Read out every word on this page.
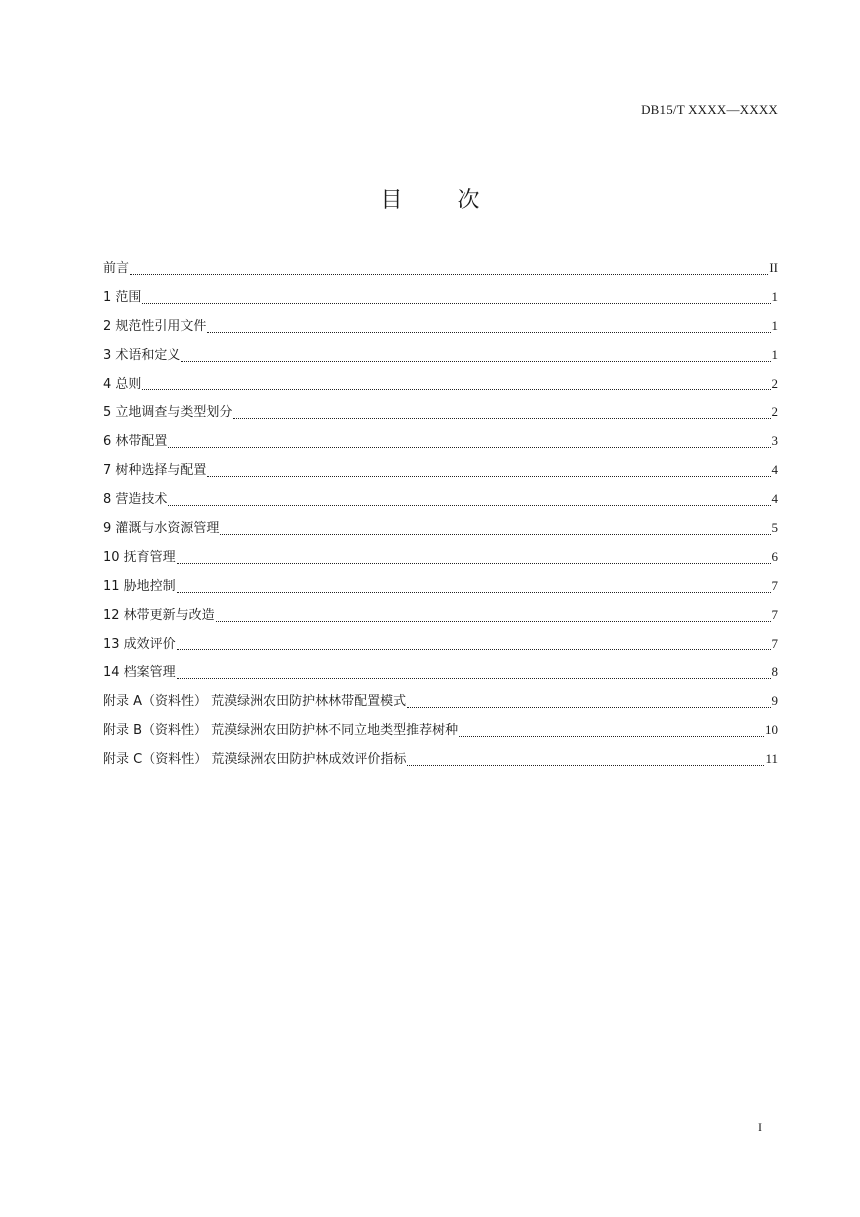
DB15/T XXXX—XXXX
目 次
前言	II
1 范围	1
2 规范性引用文件	1
3 术语和定义	1
4 总则	2
5 立地调查与类型划分	2
6 林带配置	3
7 树种选择与配置	4
8 营造技术	4
9 灌溉与水资源管理	5
10 抚育管理	6
11 胁地控制	7
12 林带更新与改造	7
13 成效评价	7
14 档案管理	8
附录 A（资料性） 荒漠绿洲农田防护林林带配置模式	9
附录 B（资料性） 荒漠绿洲农田防护林不同立地类型推荐树种	10
附录 C（资料性） 荒漠绿洲农田防护林成效评价指标	11
I
